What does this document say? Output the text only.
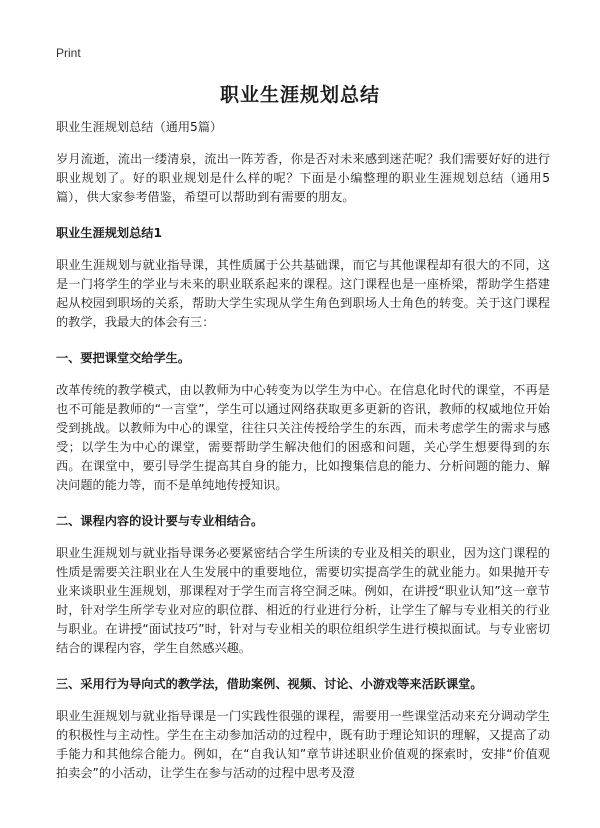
Print
职业生涯规划总结

职业生涯规划总结（通用5篇）

岁月流逝，流出一缕清泉，流出一阵芳香，你是否对未来感到迷茫呢？我们需要好好的进行职业规划了。好的职业规划是什么样的呢？下面是小编整理的职业生涯规划总结（通用5篇），供大家参考借鉴，希望可以帮助到有需要的朋友。

职业生涯规划总结1

职业生涯规划与就业指导课，其性质属于公共基础课，而它与其他课程却有很大的不同，这是一门将学生的学业与未来的职业联系起来的课程。这门课程也是一座桥梁，帮助学生搭建起从校园到职场的关系，帮助大学生实现从学生角色到职场人士角色的转变。关于这门课程的教学，我最大的体会有三：

一、要把课堂交给学生。

改革传统的教学模式，由以教师为中心转变为以学生为中心。在信息化时代的课堂，不再是也不可能是教师的“一言堂”，学生可以通过网络获取更多更新的咨讯，教师的权威地位开始受到挑战。以教师为中心的课堂，往往只关注传授给学生的东西，而未考虑学生的需求与感受；以学生为中心的课堂，需要帮助学生解决他们的困惑和问题，关心学生想要得到的东西。在课堂中，要引导学生提高其自身的能力，比如搜集信息的能力、分析问题的能力、解决问题的能力等，而不是单纯地传授知识。

二、课程内容的设计要与专业相结合。

职业生涯规划与就业指导课务必要紧密结合学生所读的专业及相关的职业，因为这门课程的性质是需要关注职业在人生发展中的重要地位，需要切实提高学生的就业能力。如果抛开专业来谈职业生涯规划，那课程对于学生而言将空洞乏味。例如，在讲授“职业认知”这一章节时，针对学生所学专业对应的职位群、相近的行业进行分析，让学生了解与专业相关的行业与职业。在讲授“面试技巧”时，针对与专业相关的职位组织学生进行模拟面试。与专业密切结合的课程内容，学生自然感兴趣。

三、采用行为导向式的教学法，借助案例、视频、讨论、小游戏等来活跃课堂。

职业生涯规划与就业指导课是一门实践性很强的课程，需要用一些课堂活动来充分调动学生的积极性与主动性。学生在主动参加活动的过程中，既有助于理论知识的理解，又提高了动手能力和其他综合能力。例如，在“自我认知”章节讲述职业价值观的探索时，安排“价值观拍卖会”的小活动，让学生在参与活动的过程中思考及澄
